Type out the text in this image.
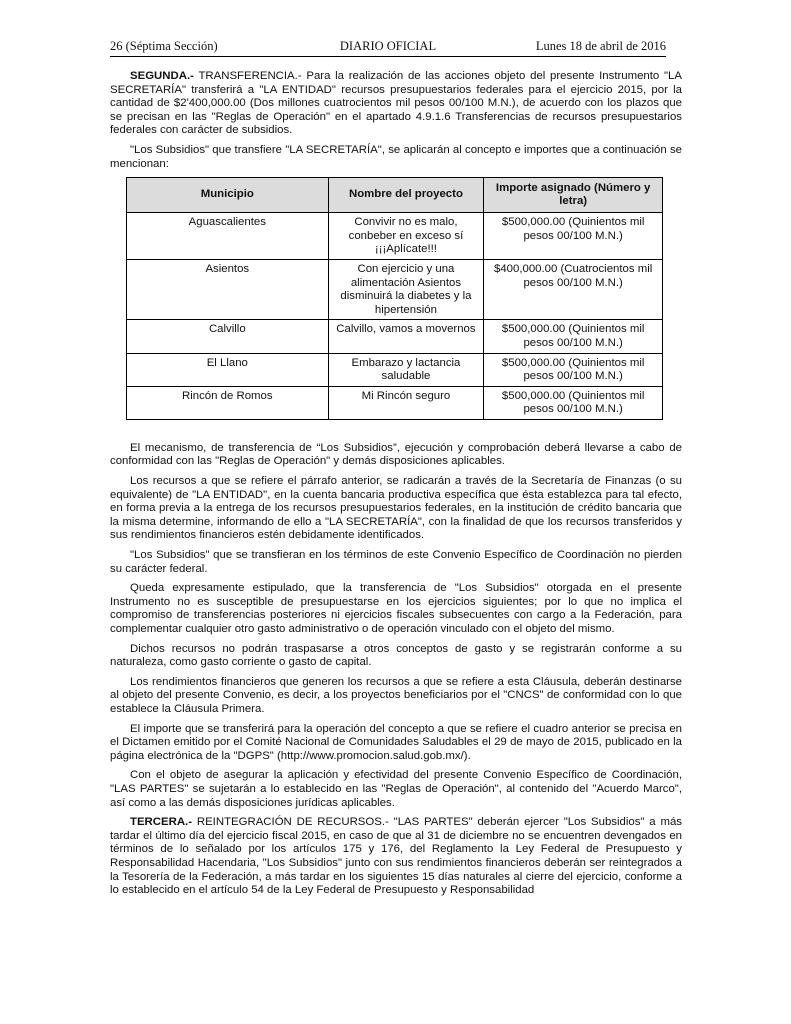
26 (Séptima Sección)	DIARIO OFICIAL	Lunes 18 de abril de 2016

SEGUNDA.- TRANSFERENCIA.- Para la realización de las acciones objeto del presente Instrumento "LA SECRETARÍA" transferirá a "LA ENTIDAD" recursos presupuestarios federales para el ejercicio 2015, por la cantidad de $2'400,000.00 (Dos millones cuatrocientos mil pesos 00/100 M.N.), de acuerdo con los plazos que se precisan en las "Reglas de Operación" en el apartado 4.9.1.6 Transferencias de recursos presupuestarios federales con carácter de subsidios.

"Los Subsidios" que transfiere "LA SECRETARÍA", se aplicarán al concepto e importes que a continuación se mencionan:

Municipio	Nombre del proyecto	Importe asignado (Número y letra)
Aguascalientes	Convivir no es malo, conbeber en exceso sí ¡¡¡Aplícate!!!	$500,000.00 (Quinientos mil pesos 00/100 M.N.)
Asientos	Con ejercicio y una alimentación Asientos disminuirá la diabetes y la hipertensión	$400,000.00 (Cuatrocientos mil pesos 00/100 M.N.)
Calvillo	Calvillo, vamos a movernos	$500,000.00 (Quinientos mil pesos 00/100 M.N.)
El Llano	Embarazo y lactancia saludable	$500,000.00 (Quinientos mil pesos 00/100 M.N.)
Rincón de Romos	Mi Rincón seguro	$500,000.00 (Quinientos mil pesos 00/100 M.N.)

El mecanismo, de transferencia de “Los Subsidios”, ejecución y comprobación deberá llevarse a cabo de conformidad con las "Reglas de Operación" y demás disposiciones aplicables.

Los recursos a que se refiere el párrafo anterior, se radicarán a través de la Secretaría de Finanzas (o su equivalente) de "LA ENTIDAD", en la cuenta bancaria productiva específica que ésta establezca para tal efecto, en forma previa a la entrega de los recursos presupuestarios federales, en la institución de crédito bancaria que la misma determine, informando de ello a "LA SECRETARÍA", con la finalidad de que los recursos transferidos y sus rendimientos financieros estén debidamente identificados.

"Los Subsidios" que se transfieran en los términos de este Convenio Específico de Coordinación no pierden su carácter federal.

Queda expresamente estipulado, que la transferencia de "Los Subsidios" otorgada en el presente Instrumento no es susceptible de presupuestarse en los ejercicios siguientes; por lo que no implica el compromiso de transferencias posteriores ni ejercicios fiscales subsecuentes con cargo a la Federación, para complementar cualquier otro gasto administrativo o de operación vinculado con el objeto del mismo.

Dichos recursos no podrán traspasarse a otros conceptos de gasto y se registrarán conforme a su naturaleza, como gasto corriente o gasto de capital.

Los rendimientos financieros que generen los recursos a que se refiere a esta Cláusula, deberán destinarse al objeto del presente Convenio, es decir, a los proyectos beneficiarios por el "CNCS" de conformidad con lo que establece la Cláusula Primera.

El importe que se transferirá para la operación del concepto a que se refiere el cuadro anterior se precisa en el Dictamen emitido por el Comité Nacional de Comunidades Saludables el 29 de mayo de 2015, publicado en la página electrónica de la "DGPS" (http://www.promocion.salud.gob.mx/).

Con el objeto de asegurar la aplicación y efectividad del presente Convenio Específico de Coordinación, "LAS PARTES" se sujetarán a lo establecido en las "Reglas de Operación", al contenido del "Acuerdo Marco", así como a las demás disposiciones jurídicas aplicables.

TERCERA.- REINTEGRACIÓN DE RECURSOS.- "LAS PARTES" deberán ejercer "Los Subsidios" a más tardar el último día del ejercicio fiscal 2015, en caso de que al 31 de diciembre no se encuentren devengados en términos de lo señalado por los artículos 175 y 176, del Reglamento la Ley Federal de Presupuesto y Responsabilidad Hacendaria, "Los Subsidios" junto con sus rendimientos financieros deberán ser reintegrados a la Tesorería de la Federación, a más tardar en los siguientes 15 días naturales al cierre del ejercicio, conforme a lo establecido en el artículo 54 de la Ley Federal de Presupuesto y Responsabilidad
